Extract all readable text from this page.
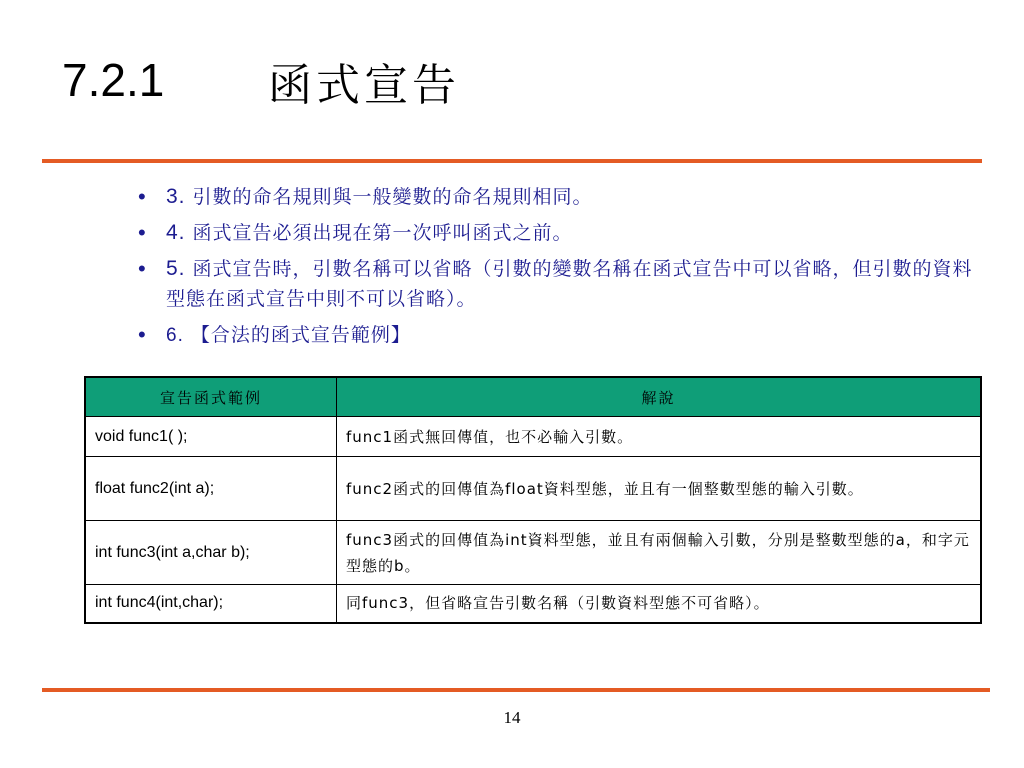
7.2.1 函式宣告
• 3. 引數的命名規則與一般變數的命名規則相同。
• 4. 函式宣告必須出現在第一次呼叫函式之前。
• 5. 函式宣告時，引數名稱可以省略（引數的變數名稱在函式宣告中可以省略，但引數的資料型態在函式宣告中則不可以省略）。
• 6. 【合法的函式宣告範例】
宣告函式範例	解說
void func1( );	func1函式無回傳值，也不必輸入引數。
float func2(int a);	func2函式的回傳值為float資料型態，並且有一個整數型態的輸入引數。
int func3(int a,char b);	func3函式的回傳值為int資料型態，並且有兩個輸入引數，分別是整數型態的a，和字元型態的b。
int func4(int,char);	同func3，但省略宣告引數名稱（引數資料型態不可省略）。
14
